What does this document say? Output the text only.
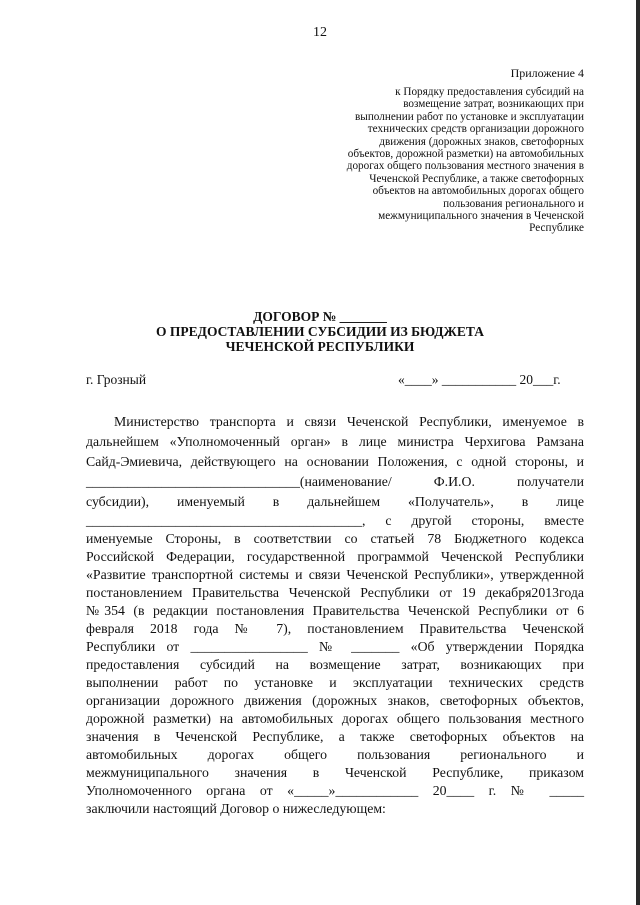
12
Приложение 4
к Порядку предоставления субсидий на
возмещение затрат, возникающих при
выполнении работ по установке и эксплуатации
технических средств организации дорожного
движения (дорожных знаков, светофорных
объектов, дорожной разметки) на автомобильных
дорогах общего пользования местного значения в
Чеченской Республике, а также светофорных
объектов на автомобильных дорогах общего
пользования регионального и
межмуниципального значения в Чеченской
Республике
ДОГОВОР № _______
О ПРЕДОСТАВЛЕНИИ СУБСИДИИ ИЗ БЮДЖЕТА
ЧЕЧЕНСКОЙ РЕСПУБЛИКИ
г. Грозный	«____» ___________ 20___г.
Министерство транспорта и связи Чеченской Республики, именуемое в
дальнейшем «Уполномоченный орган» в лице министра Черхигова Рамзана
Сайд-Эмиевича, действующего на основании Положения, с одной стороны, и
_______________________________(наименование/ Ф.И.О. получатели
субсидии), именуемый в дальнейшем «Получатель», в лице
________________________________________, с другой стороны, вместе
именуемые Стороны, в соответствии со статьей 78 Бюджетного кодекса
Российской Федерации, государственной программой Чеченской Республики
«Развитие транспортной системы и связи Чеченской Республики», утвержденной
постановлением Правительства Чеченской Республики от 19 декабря2013года
№354 (в редакции постановления Правительства Чеченской Республики от 6
февраля 2018 года № 7), постановлением Правительства Чеченской
Республики от _________________ № _______ «Об утверждении Порядка
предоставления субсидий на возмещение затрат, возникающих при
выполнении работ по установке и эксплуатации технических средств
организации дорожного движения (дорожных знаков, светофорных объектов,
дорожной разметки) на автомобильных дорогах общего пользования местного
значения в Чеченской Республике, а также светофорных объектов на
автомобильных дорогах общего пользования регионального и
межмуниципального значения в Чеченской Республике, приказом
Уполномоченного органа от «_____»____________ 20____ г. № _____
заключили настоящий Договор о нижеследующем:
